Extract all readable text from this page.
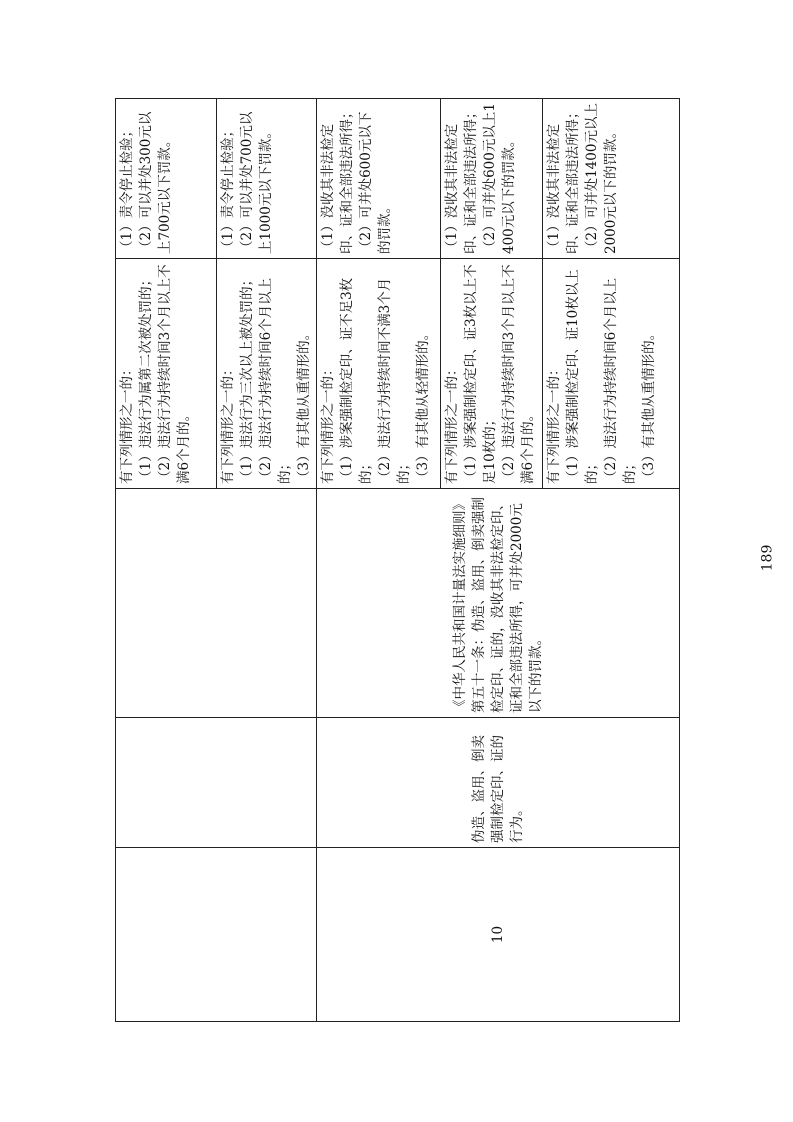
			有下列情形之一的： （1）违法行为属第二次被处罚的； （2）违法行为持续时间3个月以上不满6个月的。	（1）责令停止检验； （2）可以并处300元以上700元以下罚款。

			有下列情形之一的： （1）违法行为三次以上被处罚的； （2）违法行为持续时间6个月以上的； （3）有其他从重情形的。	（1）责令停止检验； （2）可以并处700元以上1000元以下罚款。

10	伪造、盗用、倒卖强制检定印、证的行为。	《中华人民共和国计量法实施细则》第五十一条：伪造、盗用、倒卖强制检定印、证的，没收其非法检定印、证和全部违法所得，可并处2000元以下的罚款。	有下列情形之一的： （1）涉案强制检定印、证不足3枚的； （2）违法行为持续时间不满3个月的； （3）有其他从轻情形的。	（1）没收其非法检定印、证和全部违法所得； （2）可并处600元以下的罚款。

			有下列情形之一的： （1）涉案强制检定印、证3枚以上不足10枚的； （2）违法行为持续时间3个月以上不满6个月的。	（1）没收其非法检定印、证和全部违法所得； （2）可并处600元以上1400元以下的罚款。

			有下列情形之一的： （1）涉案强制检定印、证10枚以上的； （2）违法行为持续时间6个月以上的； （3）有其他从重情形的。	（1）没收其非法检定印、证和全部违法所得； （2）可并处1400元以上2000元以下的罚款。
189
